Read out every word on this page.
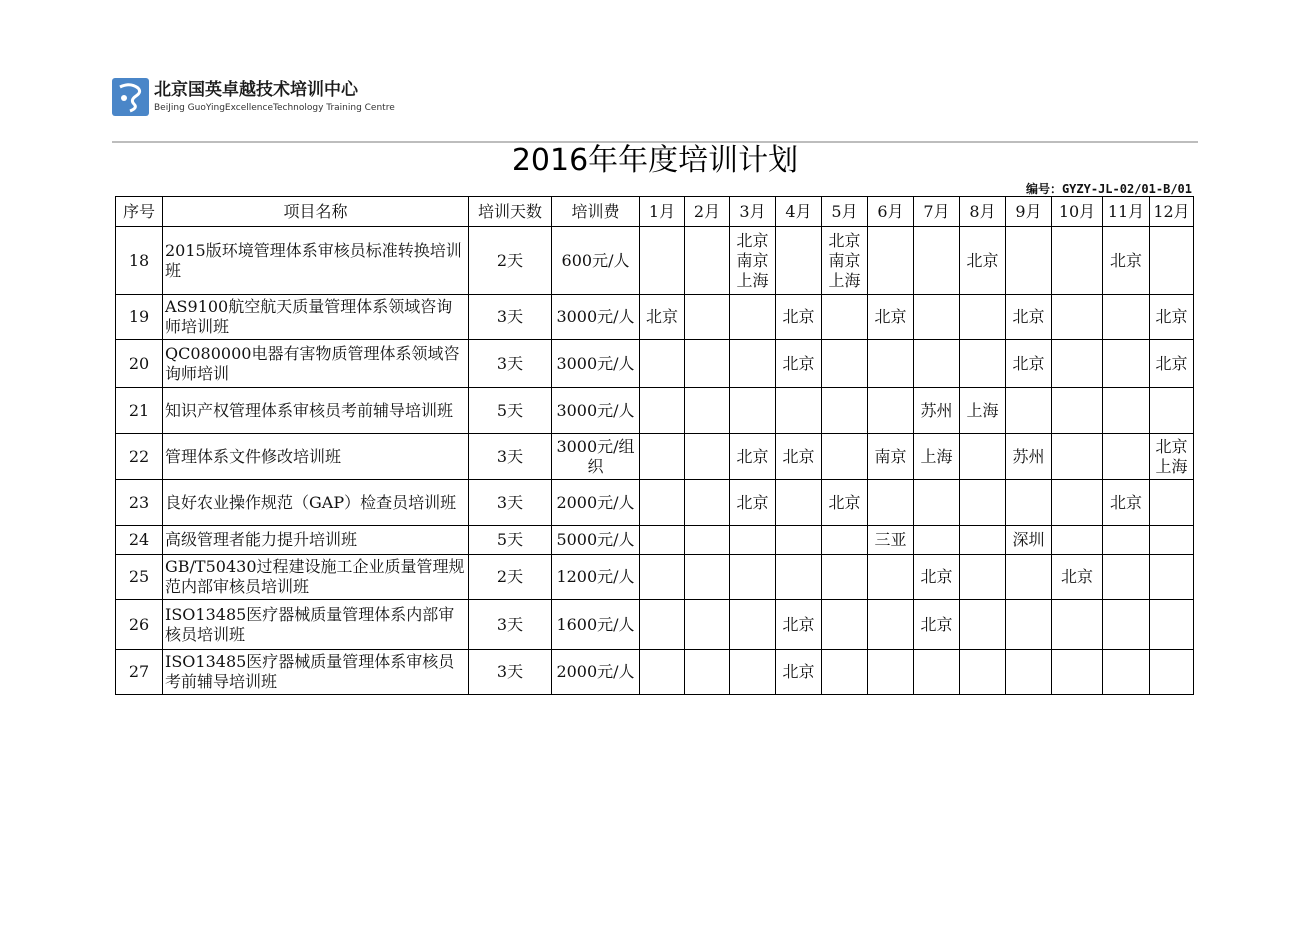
北京国英卓越技术培训中心
BeiJing GuoYingExcellenceTechnology Training Centre
2016年年度培训计划
编号：GYZY-JL-02/01-B/01
序号	项目名称	培训天数	培训费	1月	2月	3月	4月	5月	6月	7月	8月	9月	10月	11月	12月
18	2015版环境管理体系审核员标准转换培训班	2天	600元/人			北京
南京
上海		北京
南京
上海			北京			北京	

19	AS9100航空航天质量管理体系领域咨询师培训班	3天	3000元/人	北京			北京		北京			北京			北京

20	QC080000电器有害物质管理体系领域咨询师培训	3天	3000元/人				北京					北京			北京

21	知识产权管理体系审核员考前辅导培训班	5天	3000元/人							苏州	上海				

22	管理体系文件修改培训班	3天	3000元/组织			北京	北京		南京	上海		苏州			北京
上海

23	良好农业操作规范（GAP）检查员培训班	3天	2000元/人			北京		北京						北京	

24	高级管理者能力提升培训班	5天	5000元/人						三亚			深圳			

25	GB/T50430过程建设施工企业质量管理规范内部审核员培训班	2天	1200元/人							北京			北京		

26	ISO13485医疗器械质量管理体系内部审核员培训班	3天	1600元/人				北京			北京					

27	ISO13485医疗器械质量管理体系审核员考前辅导培训班	3天	2000元/人				北京								
